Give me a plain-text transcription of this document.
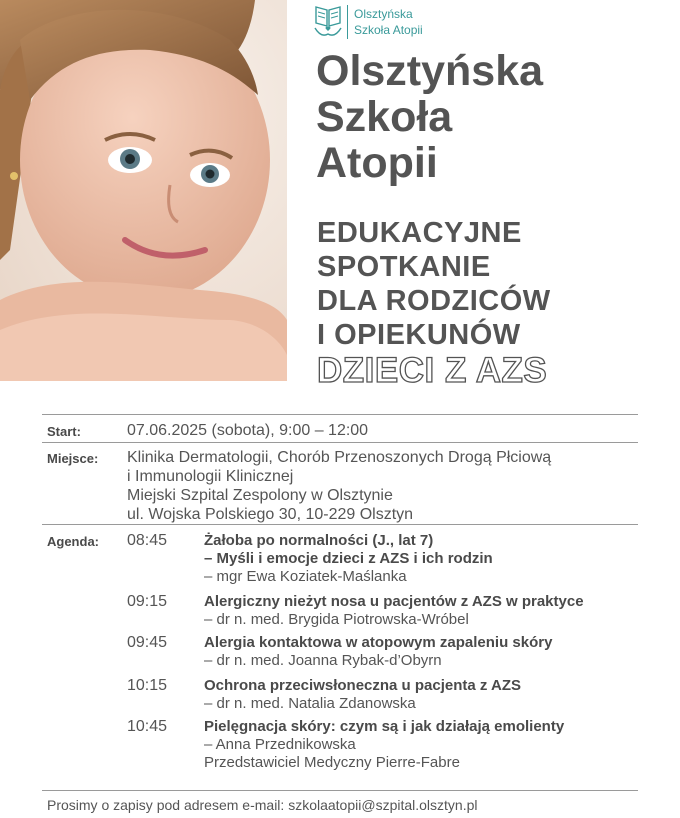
Olsztyńska
Szkoła Atopii
Olsztyńska
Szkoła
Atopii
EDUKACYJNE
SPOTKANIE
DLA RODZICÓW
I OPIEKUNÓW
DZIECI Z AZS
Start:	07.06.2025 (sobota), 9:00 – 12:00
Miejsce: Klinika Dermatologii, Chorób Przenoszonych Drogą Płciową
i Immunologii Klinicznej
Miejski Szpital Zespolony w Olsztynie
ul. Wojska Polskiego 30, 10-229 Olsztyn
Agenda: 08:45 Żałoba po normalności (J., lat 7)
– Myśli i emocje dzieci z AZS i ich rodzin
– mgr Ewa Koziatek-Maślanka
09:15 Alergiczny nieżyt nosa u pacjentów z AZS w praktyce
– dr n. med. Brygida Piotrowska-Wróbel
09:45 Alergia kontaktowa w atopowym zapaleniu skóry
– dr n. med. Joanna Rybak-d’Obyrn
10:15 Ochrona przeciwsłoneczna u pacjenta z AZS
– dr n. med. Natalia Zdanowska
10:45 Pielęgnacja skóry: czym są i jak działają emolienty
– Anna Przednikowska
Przedstawiciel Medyczny Pierre-Fabre
Prosimy o zapisy pod adresem e-mail: szkolaatopii@szpital.olsztyn.pl
